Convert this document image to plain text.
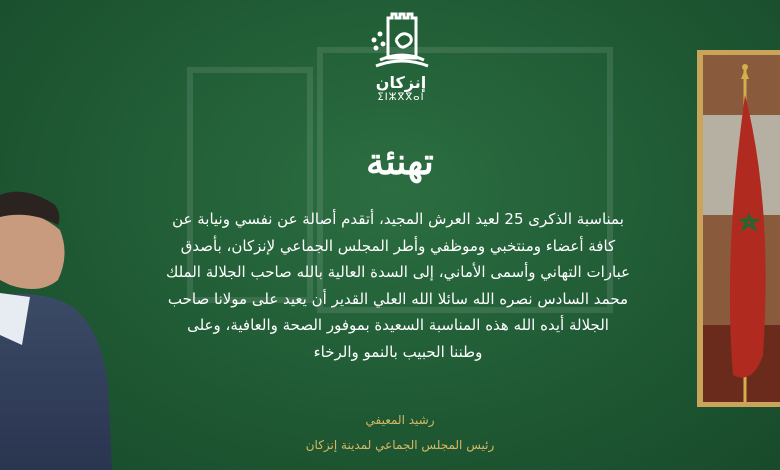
إنزكان
ⵉⵏⵣⴳⴳⴰⵏ
تهنئة
بمناسبة الذكرى 25 لعيد العرش المجيد، أتقدم أصالة عن نفسي ونيابة عن
كافة أعضاء ومنتخبي وموظفي وأطر المجلس الجماعي لإنزكان، بأصدق
عبارات التهاني وأسمى الأماني، إلى السدة العالية بالله صاحب الجلالة الملك
محمد السادس نصره الله سائلا الله العلي القدير أن يعيد على مولانا صاحب
الجلالة أيده الله هذه المناسبة السعيدة بموفور الصحة والعافية، وعلى
وطننا الحبيب بالنمو والرخاء
رشيد المعيفي
رئيس المجلس الجماعي لمدينة إنزكان
